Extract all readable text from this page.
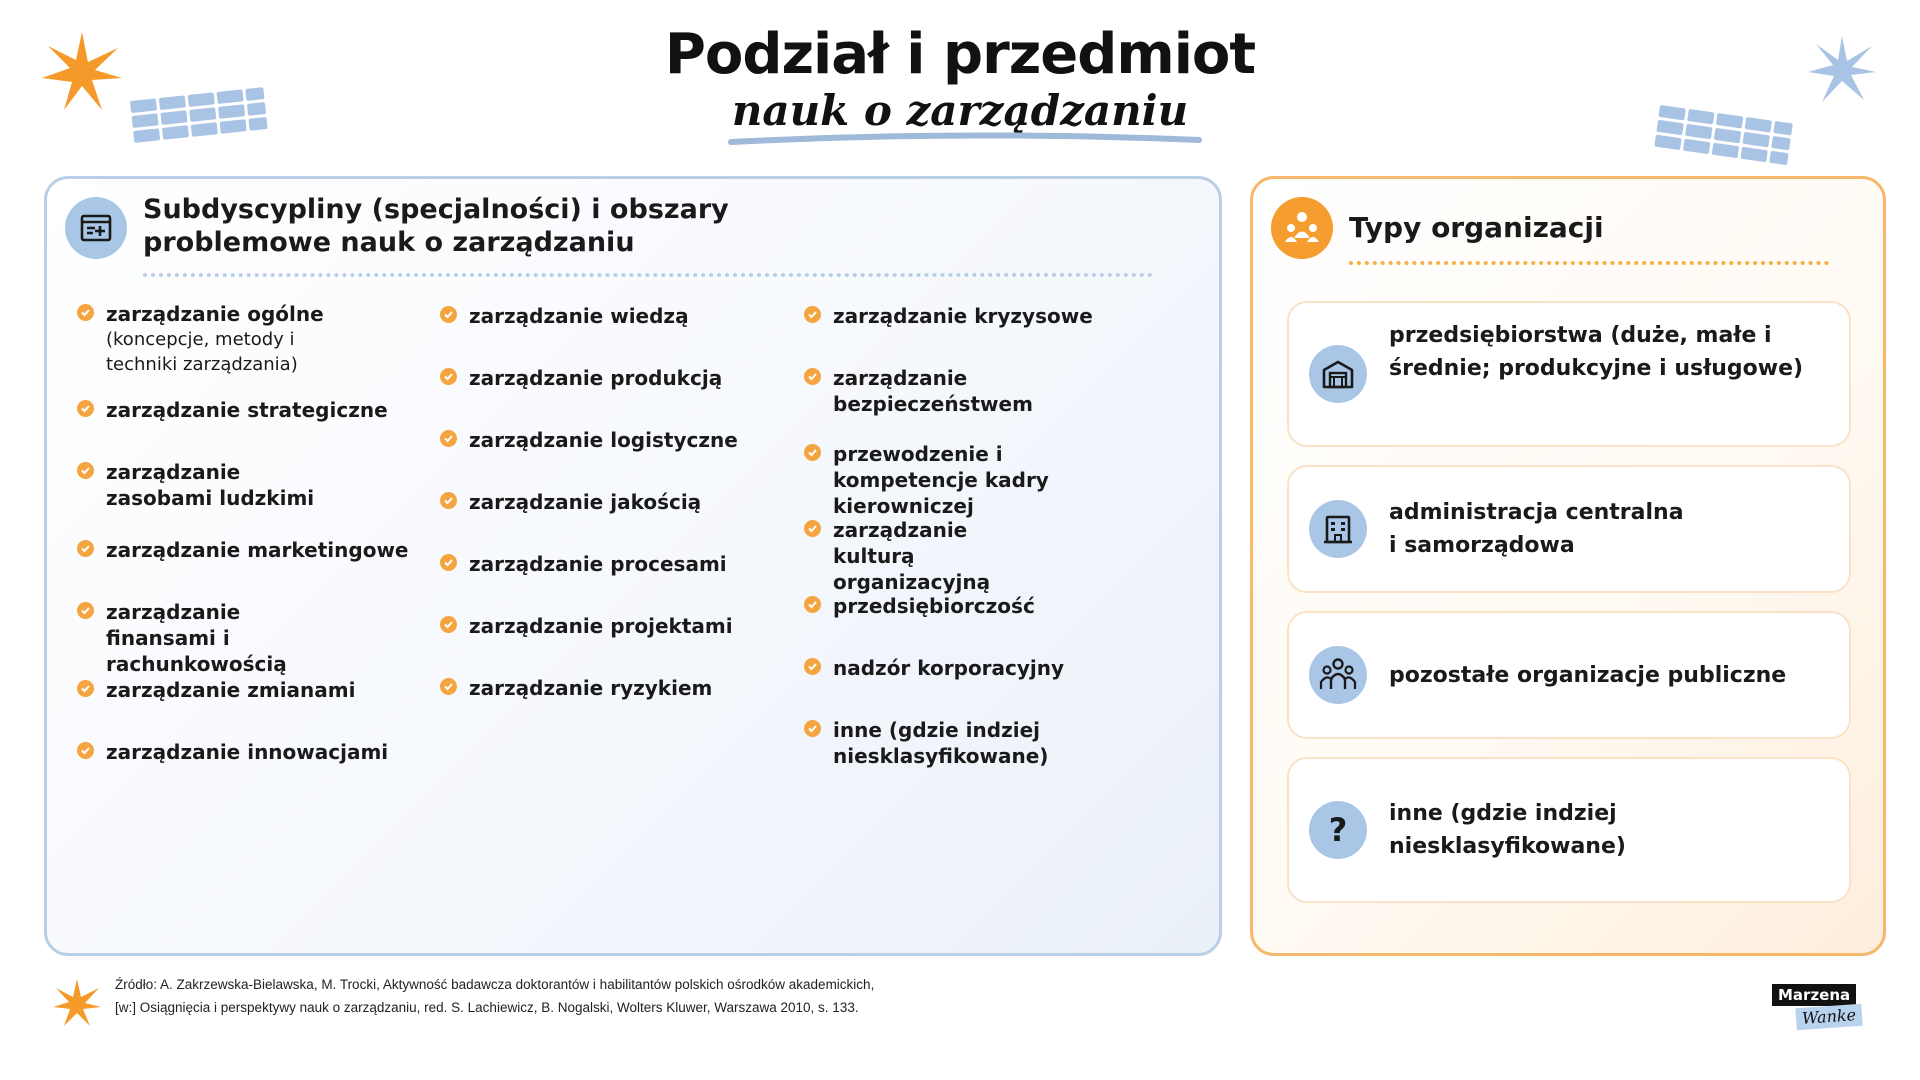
Podział i przedmiot
nauk o zarządzaniu
Subdyscypliny (specjalności) i obszary problemowe nauk o zarządzaniu
zarządzanie ogólne
(koncepcje, metody i techniki zarządzania)
zarządzanie strategiczne
zarządzanie zasobami ludzkimi
zarządzanie marketingowe
zarządzanie finansami i rachunkowością
zarządzanie zmianami
zarządzanie innowacjami
zarządzanie wiedzą
zarządzanie produkcją
zarządzanie logistyczne
zarządzanie jakością
zarządzanie procesami
zarządzanie projektami
zarządzanie ryzykiem
zarządzanie kryzysowe
zarządzanie bezpieczeństwem
przewodzenie i kompetencje kadry kierowniczej
zarządzanie kulturą organizacyjną
przedsiębiorczość
nadzór korporacyjny
inne (gdzie indziej niesklasyfikowane)
Typy organizacji
przedsiębiorstwa (duże, małe i średnie; produkcyjne i usługowe)
administracja centralna i samorządowa
pozostałe organizacje publiczne
? inne (gdzie indziej niesklasyfikowane)
Źródło: A. Zakrzewska-Bielawska, M. Trocki, Aktywność badawcza doktorantów i habilitantów polskich ośrodków akademickich,
[w:] Osiągnięcia i perspektywy nauk o zarządzaniu, red. S. Lachiewicz, B. Nogalski, Wolters Kluwer, Warszawa 2010, s. 133.
Marzena
Wanke
